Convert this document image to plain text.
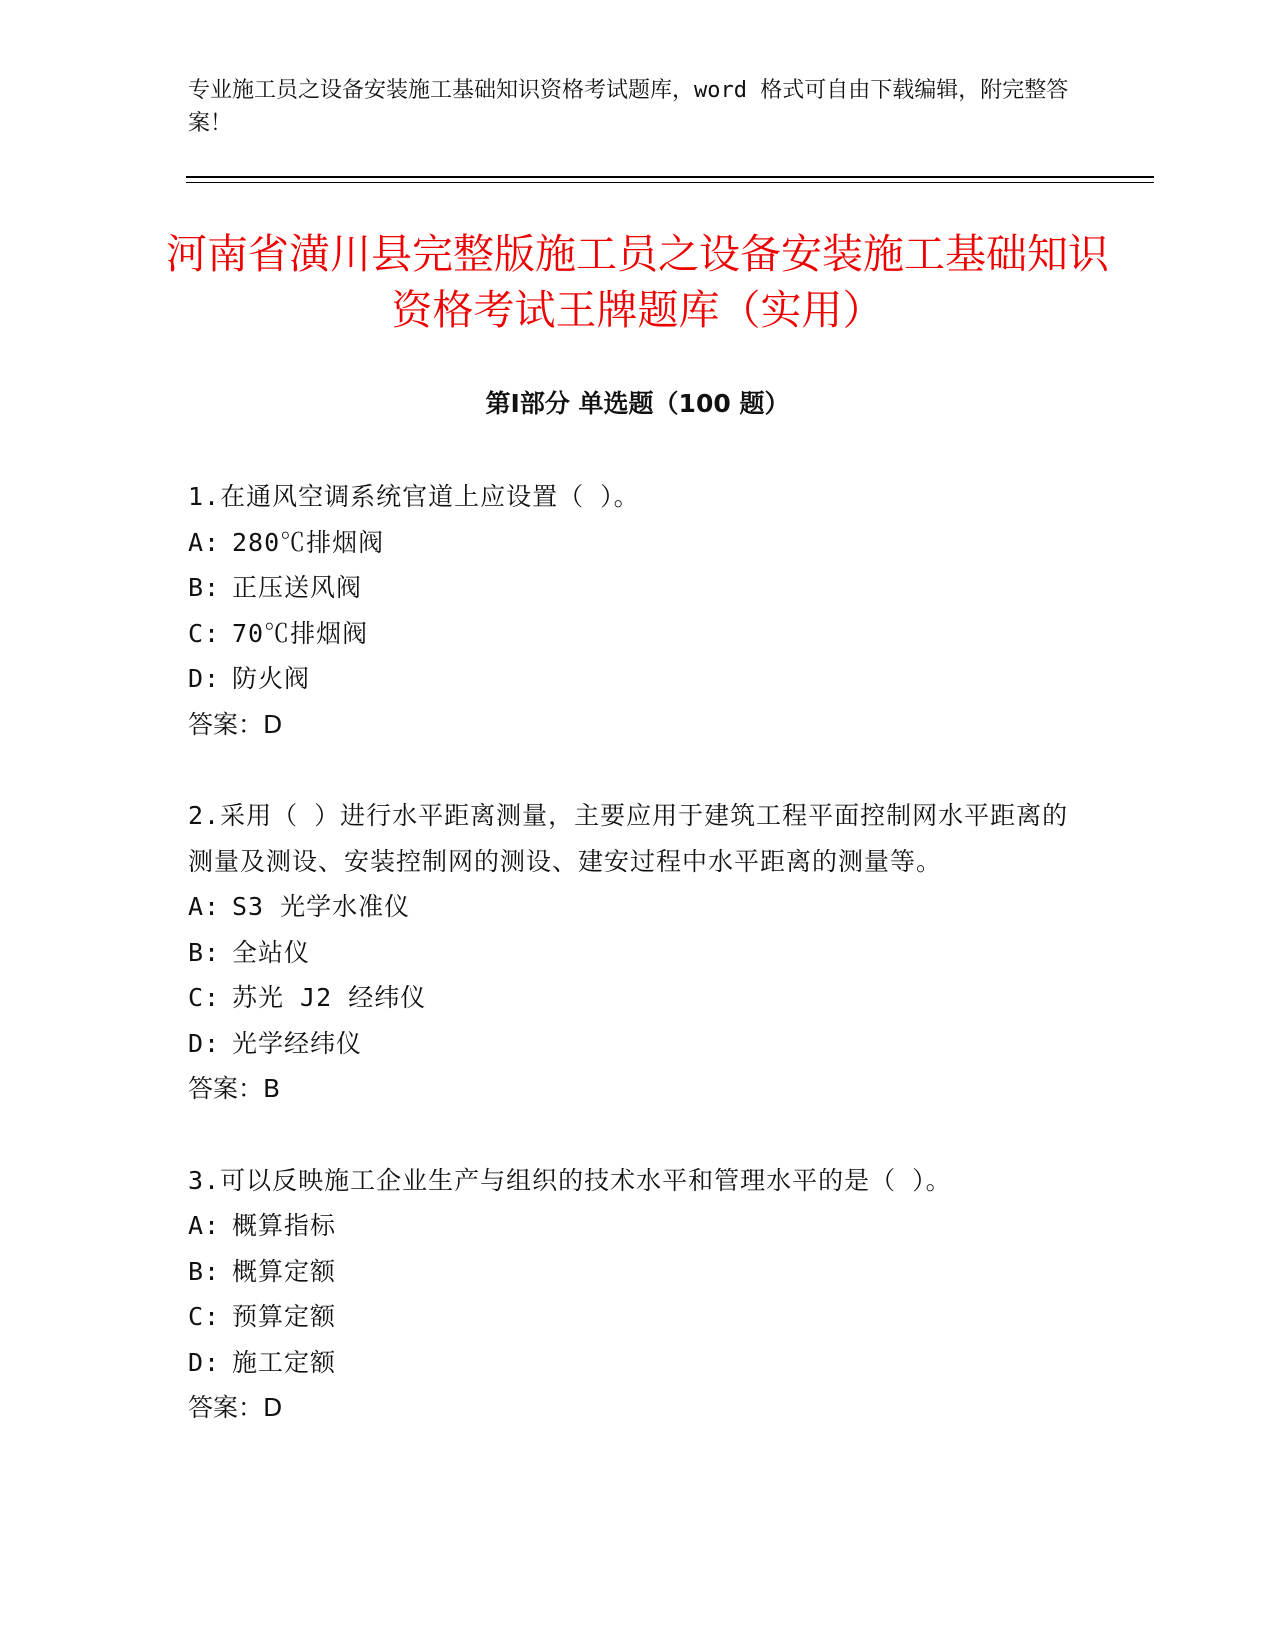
专业施工员之设备安装施工基础知识资格考试题库，word 格式可自由下载编辑，附完整答案！
河南省潢川县完整版施工员之设备安装施工基础知识资格考试王牌题库（实用）
第Ⅰ部分 单选题（100 题）
1.在通风空调系统官道上应设置（ ）。
A: 280℃排烟阀
B: 正压送风阀
C: 70℃排烟阀
D: 防火阀
答案：D
2.采用（ ）进行水平距离测量，主要应用于建筑工程平面控制网水平距离的测量及测设、安装控制网的测设、建安过程中水平距离的测量等。
A: S3 光学水准仪
B: 全站仪
C: 苏光 J2 经纬仪
D: 光学经纬仪
答案：B
3.可以反映施工企业生产与组织的技术水平和管理水平的是（ ）。
A: 概算指标
B: 概算定额
C: 预算定额
D: 施工定额
答案：D
